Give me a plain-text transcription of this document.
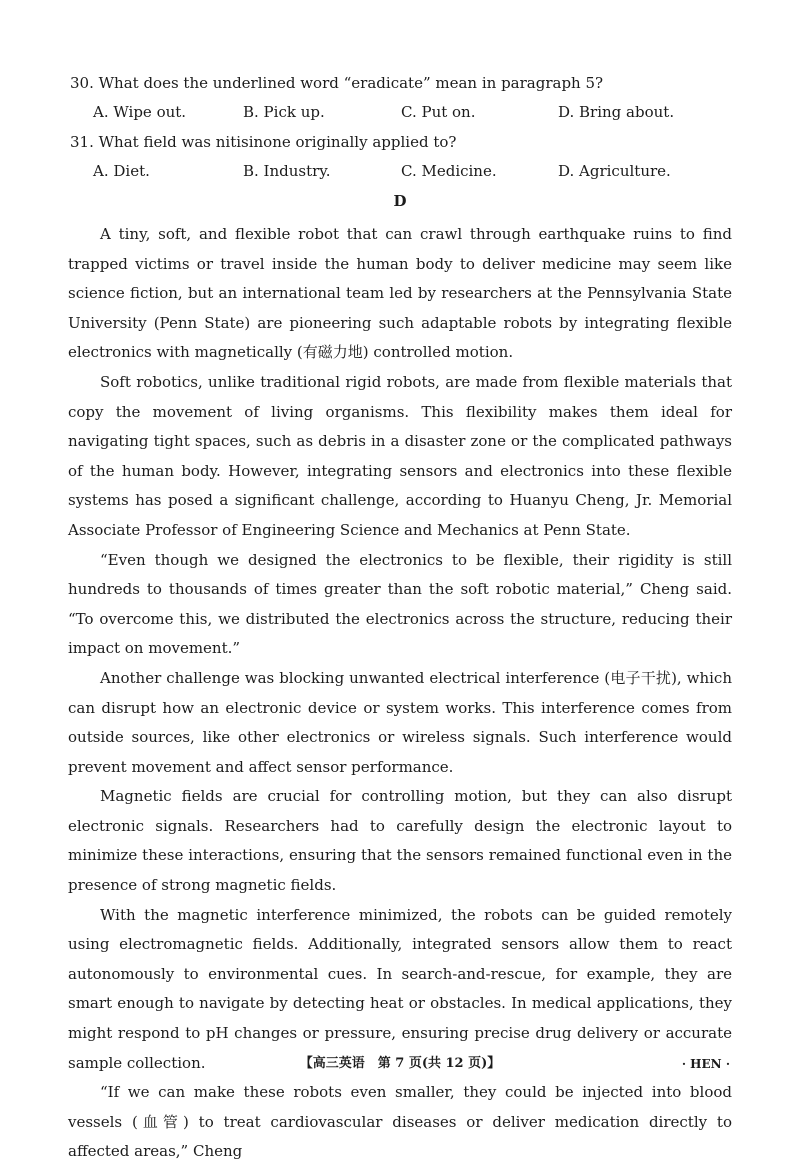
30. What does the underlined word “eradicate” mean in paragraph 5?
A. Wipe out.	B. Pick up.	C. Put on.	D. Bring about.
31. What field was nitisinone originally applied to?
A. Diet.	B. Industry.	C. Medicine.	D. Agriculture.
D

A tiny, soft, and flexible robot that can crawl through earthquake ruins to find trapped victims or travel inside the human body to deliver medicine may seem like science fiction, but an international team led by researchers at the Pennsylvania State University (Penn State) are pioneering such adaptable robots by integrating flexible electronics with magnetically (有磁力地) controlled motion.

Soft robotics, unlike traditional rigid robots, are made from flexible materials that copy the movement of living organisms. This flexibility makes them ideal for navigating tight spaces, such as debris in a disaster zone or the complicated pathways of the human body. However, integrating sensors and electronics into these flexible systems has posed a significant challenge, according to Huanyu Cheng, Jr. Memorial Associate Professor of Engineering Science and Mechanics at Penn State.

“Even though we designed the electronics to be flexible, their rigidity is still hundreds to thousands of times greater than the soft robotic material,” Cheng said. “To overcome this, we distributed the electronics across the structure, reducing their impact on movement.”

Another challenge was blocking unwanted electrical interference (电子干扰), which can disrupt how an electronic device or system works. This interference comes from outside sources, like other electronics or wireless signals. Such interference would prevent movement and affect sensor performance.

Magnetic fields are crucial for controlling motion, but they can also disrupt electronic signals. Researchers had to carefully design the electronic layout to minimize these interactions, ensuring that the sensors remained functional even in the presence of strong magnetic fields.

With the magnetic interference minimized, the robots can be guided remotely using electromagnetic fields. Additionally, integrated sensors allow them to react autonomously to environmental cues. In search-and-rescue, for example, they are smart enough to navigate by detecting heat or obstacles. In medical applications, they might respond to pH changes or pressure, ensuring precise drug delivery or accurate sample collection.

“If we can make these robots even smaller, they could be injected into blood vessels (血管) to treat cardiovascular diseases or deliver medication directly to affected areas,” Cheng

【高三英语　第 7 页(共 12 页)】	· HEN ·
